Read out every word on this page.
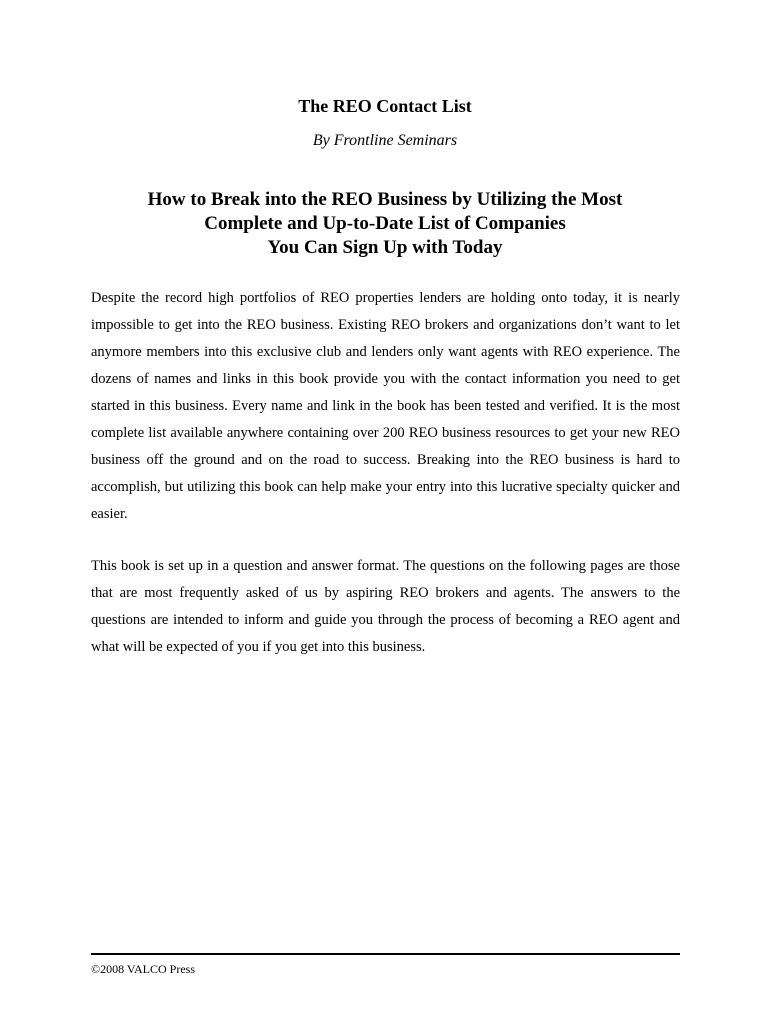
The REO Contact List
By Frontline Seminars
How to Break into the REO Business by Utilizing the Most
Complete and Up-to-Date List of Companies
You Can Sign Up with Today

Despite the record high portfolios of REO properties lenders are holding onto today, it is nearly impossible to get into the REO business. Existing REO brokers and organizations don’t want to let anymore members into this exclusive club and lenders only want agents with REO experience. The dozens of names and links in this book provide you with the contact information you need to get started in this business. Every name and link in the book has been tested and verified. It is the most complete list available anywhere containing over 200 REO business resources to get your new REO business off the ground and on the road to success. Breaking into the REO business is hard to accomplish, but utilizing this book can help make your entry into this lucrative specialty quicker and easier.

This book is set up in a question and answer format. The questions on the following pages are those that are most frequently asked of us by aspiring REO brokers and agents. The answers to the questions are intended to inform and guide you through the process of becoming a REO agent and what will be expected of you if you get into this business.

©2008 VALCO Press
